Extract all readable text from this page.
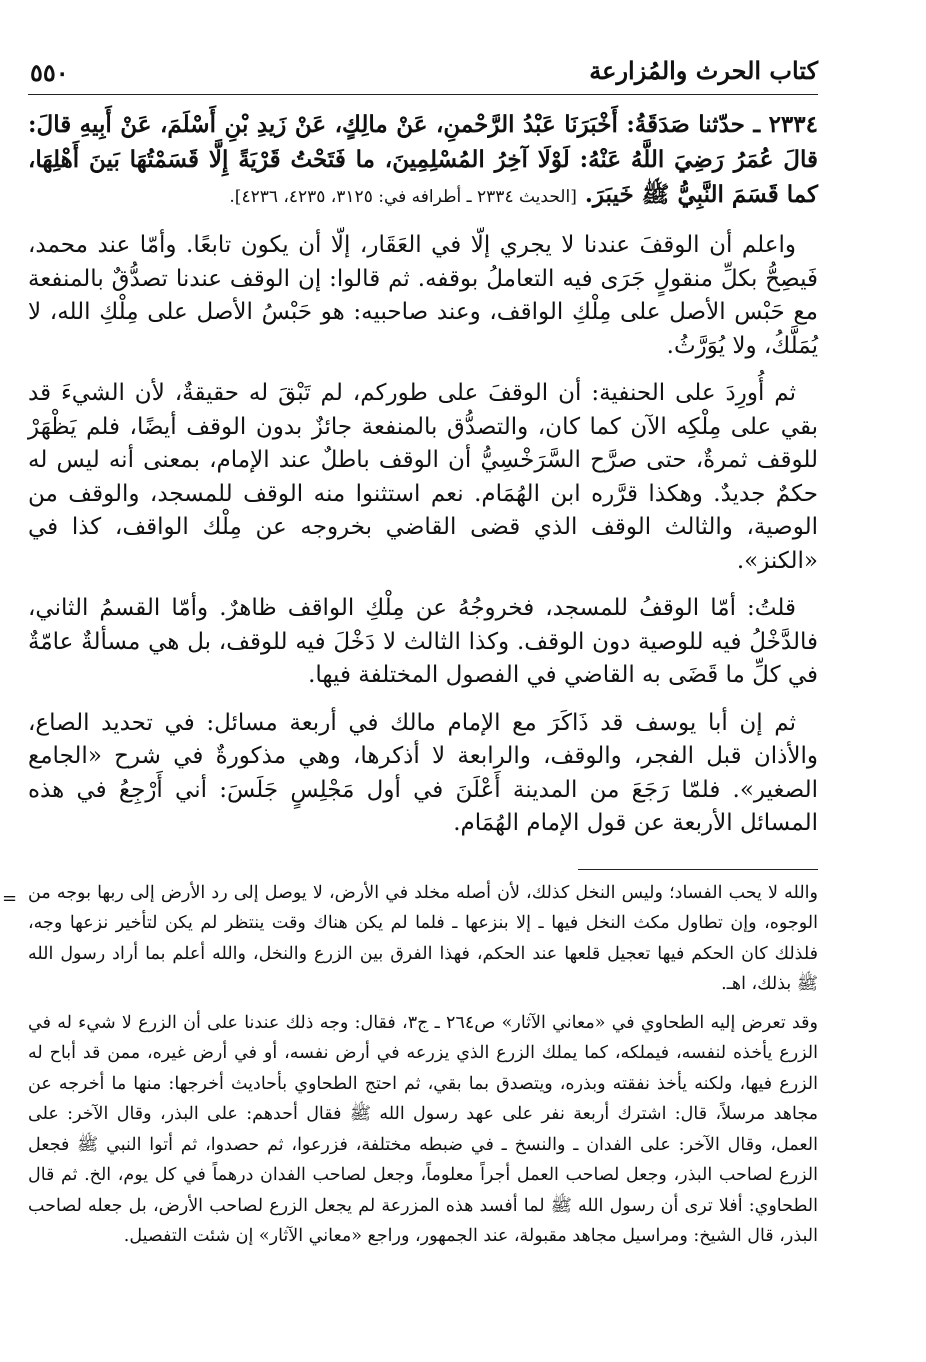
كتاب الحرث والمُزارعة
٥٥٠

٢٣٣٤ ـ حدّثنا صَدَقَةُ: أَخْبَرَنَا عَبْدُ الرَّحْمنِ، عَنْ مالِكٍ، عَنْ زَيدِ بْنِ أَسْلَمَ، عَنْ أَبِيهِ قالَ: قالَ عُمَرُ رَضِيَ اللَّهُ عَنْهُ: لَوْلَا آخِرُ المُسْلِمِينَ، ما فَتَحْتُ قَرْيَةً إِلَّا قَسَمْتُهَا بَينَ أَهْلِهَا، كما قَسَمَ النَّبِيُّ ﷺ خَيبَرَ. [الحديث ٢٣٣٤ ـ أطرافه في: ٣١٢٥، ٤٢٣٥، ٤٢٣٦].

واعلم أن الوقفَ عندنا لا يجري إلّا في العَقَار، إلّا أن يكون تابعًا. وأمّا عند محمد، فَيصِحُّ بكلِّ منقولٍ جَرَى فيه التعاملُ بوقفه. ثم قالوا: إن الوقف عندنا تصدُّقٌ بالمنفعة مع حَبْس الأصل على مِلْكِ الواقف، وعند صاحبيه: هو حَبْسُ الأصل على مِلْكِ الله، لا يُمَلَّكُ، ولا يُوَرَّثُ.

ثم أُورِدَ على الحنفية: أن الوقفَ على طوركم، لم تَبْقَ له حقيقةٌ، لأن الشيءَ قد بقي على مِلْكِه الآن كما كان، والتصدُّق بالمنفعة جائزٌ بدون الوقف أيضًا، فلم يَظْهَرْ للوقف ثمرةٌ، حتى صرَّح السَّرَخْسِيُّ أن الوقف باطلٌ عند الإمام، بمعنى أنه ليس له حكمٌ جديدٌ. وهكذا قرَّره ابن الهُمَام. نعم استثنوا منه الوقف للمسجد، والوقف من الوصية، والثالث الوقف الذي قضى القاضي بخروجه عن مِلْك الواقف، كذا في «الكنز».

قلتُ: أمّا الوقفُ للمسجد، فخروجُهُ عن مِلْكِ الواقف ظاهرٌ. وأمّا القسمُ الثاني، فالدَّخْلُ فيه للوصية دون الوقف. وكذا الثالث لا دَخْلَ فيه للوقف، بل هي مسألةٌ عامّةٌ في كلِّ ما قَضَى به القاضي في الفصول المختلفة فيها.

ثم إن أبا يوسف قد ذَاكَرَ مع الإمام مالك في أربعة مسائل: في تحديد الصاع، والأذان قبل الفجر، والوقف، والرابعة لا أذكرها، وهي مذكورةٌ في شرح «الجامع الصغير». فلمّا رَجَعَ من المدينة أَعْلَنَ في أول مَجْلِسٍ جَلَسَ: أني أَرْجِعُ في هذه المسائل الأربعة عن قول الإمام الهُمَام.

= والله لا يحب الفساد؛ وليس النخل كذلك، لأن أصله مخلد في الأرض، لا يوصل إلى رد الأرض إلى ربها بوجه من الوجوه، وإن تطاول مكث النخل فيها ـ إلا بنزعها ـ فلما لم يكن هناك وقت ينتظر لم يكن لتأخير نزعها وجه، فلذلك كان الحكم فيها تعجيل قلعها عند الحكم، فهذا الفرق بين الزرع والنخل، والله أعلم بما أراد رسول الله ﷺ بذلك، اهـ.

وقد تعرض إليه الطحاوي في «معاني الآثار» ص٢٦٤ ـ ج٣، فقال: وجه ذلك عندنا على أن الزرع لا شيء له في الزرع يأخذه لنفسه، فيملكه، كما يملك الزرع الذي يزرعه في أرض نفسه، أو في أرض غيره، ممن قد أباح له الزرع فيها، ولكنه يأخذ نفقته وبذره، ويتصدق بما بقي، ثم احتج الطحاوي بأحاديث أخرجها: منها ما أخرجه عن مجاهد مرسلاً، قال: اشترك أربعة نفر على عهد رسول الله ﷺ فقال أحدهم: على البذر، وقال الآخر: على العمل، وقال الآخر: على الفدان ـ والنسخ ـ في ضبطه مختلفة، فزرعوا، ثم حصدوا، ثم أتوا النبي ﷺ فجعل الزرع لصاحب البذر، وجعل لصاحب العمل أجراً معلوماً، وجعل لصاحب الفدان درهماً في كل يوم، الخ. ثم قال الطحاوي: أفلا ترى أن رسول الله ﷺ لما أفسد هذه المزرعة لم يجعل الزرع لصاحب الأرض، بل جعله لصاحب البذر، قال الشيخ: ومراسيل مجاهد مقبولة، عند الجمهور، وراجع «معاني الآثار» إن شئت التفصيل.
